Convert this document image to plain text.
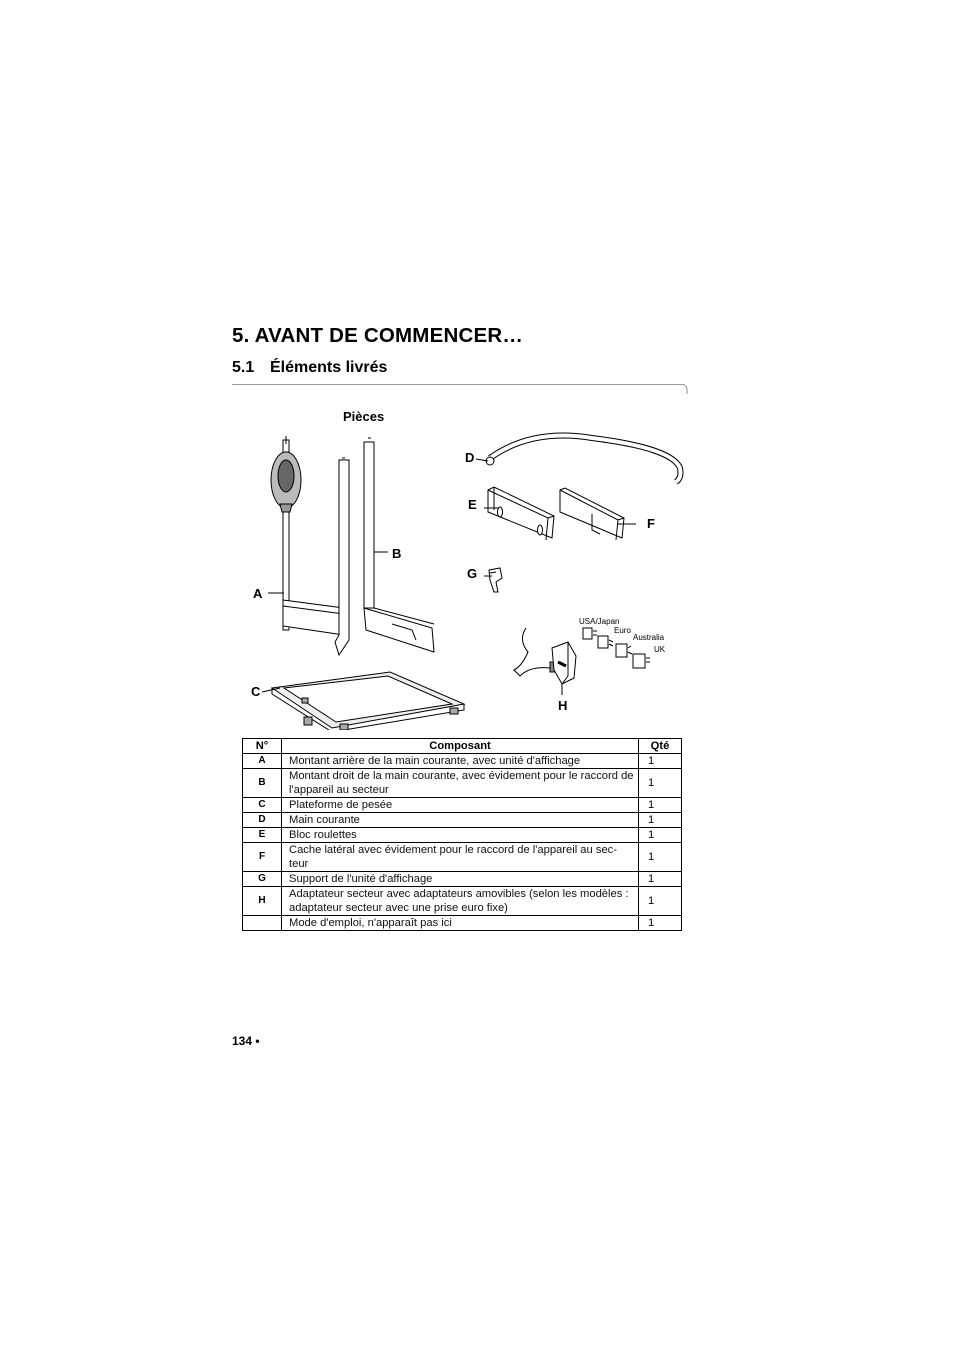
5. AVANT DE COMMENCER…
5.1 Éléments livrés
Pièces
A
B
C
D
E
F
G
H
USA/Japan
Euro
Australia
UK
N°	Composant	Qté
A	Montant arrière de la main courante, avec unité d'affichage	1
B	Montant droit de la main courante, avec évidement pour le raccord de l'appareil au secteur	1
C	Plateforme de pesée	1
D	Main courante	1
E	Bloc roulettes	1
F	Cache latéral avec évidement pour le raccord de l'appareil au sec-teur	1
G	Support de l'unité d'affichage	1
H	Adaptateur secteur avec adaptateurs amovibles (selon les modèles : adaptateur secteur avec une prise euro fixe)	1
	Mode d'emploi, n'apparaît pas ici	1
134 •
